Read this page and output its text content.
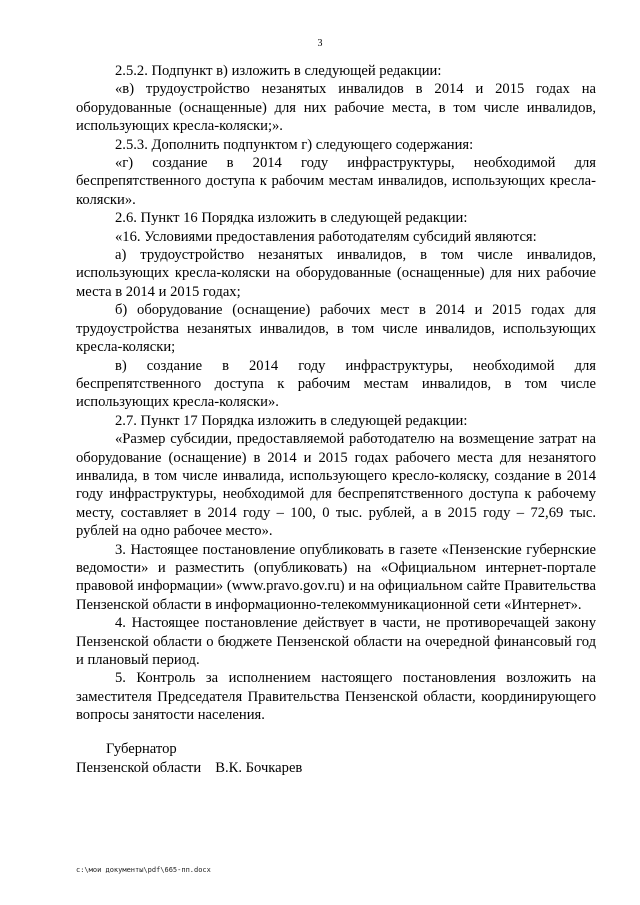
3

2.5.2. Подпункт в) изложить в следующей редакции:

«в) трудоустройство незанятых инвалидов в 2014 и 2015 годах на оборудованные (оснащенные) для них рабочие места, в том числе инвалидов, использующих кресла-коляски;».

2.5.3. Дополнить подпунктом г) следующего содержания:

«г) создание в 2014 году инфраструктуры, необходимой для беспрепятственного доступа к рабочим местам инвалидов, использующих кресла-коляски».

2.6. Пункт 16 Порядка изложить в следующей редакции:

«16. Условиями предоставления работодателям субсидий являются:

а) трудоустройство незанятых инвалидов, в том числе инвалидов, использующих кресла-коляски на оборудованные (оснащенные) для них рабочие места в 2014 и 2015 годах;

б) оборудование (оснащение) рабочих мест в 2014 и 2015 годах для трудоустройства незанятых инвалидов, в том числе инвалидов, использующих кресла-коляски;

в) создание в 2014 году инфраструктуры, необходимой для беспрепятственного доступа к рабочим местам инвалидов, в том числе использующих кресла-коляски».

2.7. Пункт 17 Порядка изложить в следующей редакции:

«Размер субсидии, предоставляемой работодателю на возмещение затрат на оборудование (оснащение) в 2014 и 2015 годах рабочего места для незанятого инвалида, в том числе инвалида, использующего кресло-коляску, создание в 2014 году инфраструктуры, необходимой для беспрепятственного доступа к рабочему месту, составляет в 2014 году – 100, 0 тыс. рублей, а в 2015 году – 72,69 тыс. рублей на одно рабочее место».

3. Настоящее постановление опубликовать в газете «Пензенские губернские ведомости» и разместить (опубликовать) на «Официальном интернет-портале правовой информации» (www.pravo.gov.ru) и на официальном сайте Правительства Пензенской области в информационно-телекоммуникационной сети «Интернет».

4. Настоящее постановление действует в части, не противоречащей закону Пензенской области о бюджете Пензенской области на очередной финансовый год и плановый период.

5. Контроль за исполнением настоящего постановления возложить на заместителя Председателя Правительства Пензенской области, координирующего вопросы занятости населения.

Губернатор
Пензенской области В.К. Бочкарев
c:\мои документы\pdf\665-пп.docx
